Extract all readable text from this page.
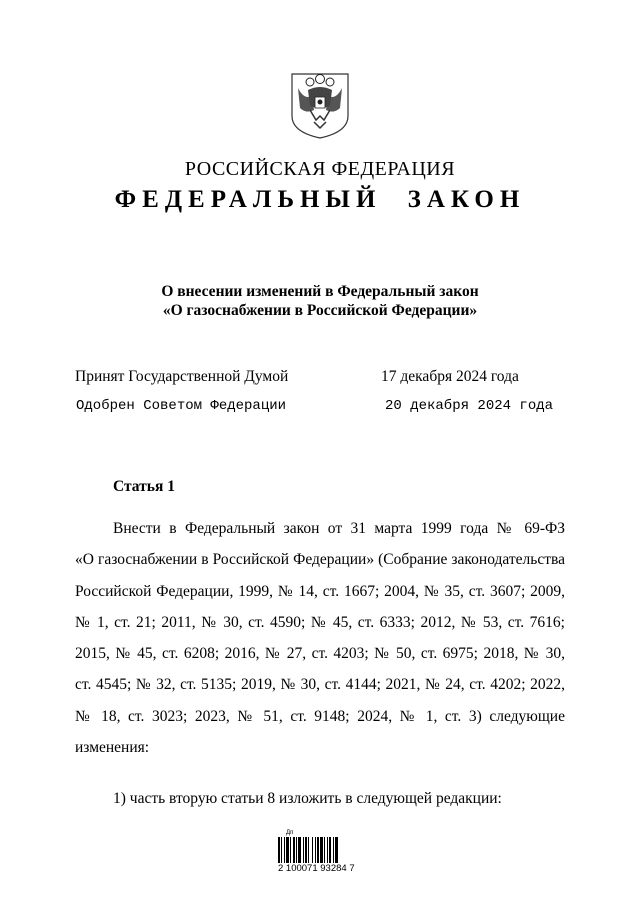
РОССИЙСКАЯ ФЕДЕРАЦИЯ
ФЕДЕРАЛЬНЫЙ ЗАКОН
О внесении изменений в Федеральный закон
«О газоснабжении в Российской Федерации»
Принят Государственной Думой	17 декабря 2024 года
Одобрен Советом Федерации	20 декабря 2024 года
Статья 1
Внести в Федеральный закон от 31 марта 1999 года № 69-ФЗ
«О газоснабжении в Российской Федерации» (Собрание законодательства
Российской Федерации, 1999, № 14, ст. 1667; 2004, № 35, ст. 3607; 2009,
№ 1, ст. 21; 2011, № 30, ст. 4590; № 45, ст. 6333; 2012, № 53, ст. 7616;
2015, № 45, ст. 6208; 2016, № 27, ст. 4203; № 50, ст. 6975; 2018, № 30,
ст. 4545; № 32, ст. 5135; 2019, № 30, ст. 4144; 2021, № 24, ст. 4202; 2022,
№ 18, ст. 3023; 2023, № 51, ст. 9148; 2024, № 1, ст. 3) следующие
изменения:
1) часть вторую статьи 8 изложить в следующей редакции:
Дп
2 100071 93284 7
